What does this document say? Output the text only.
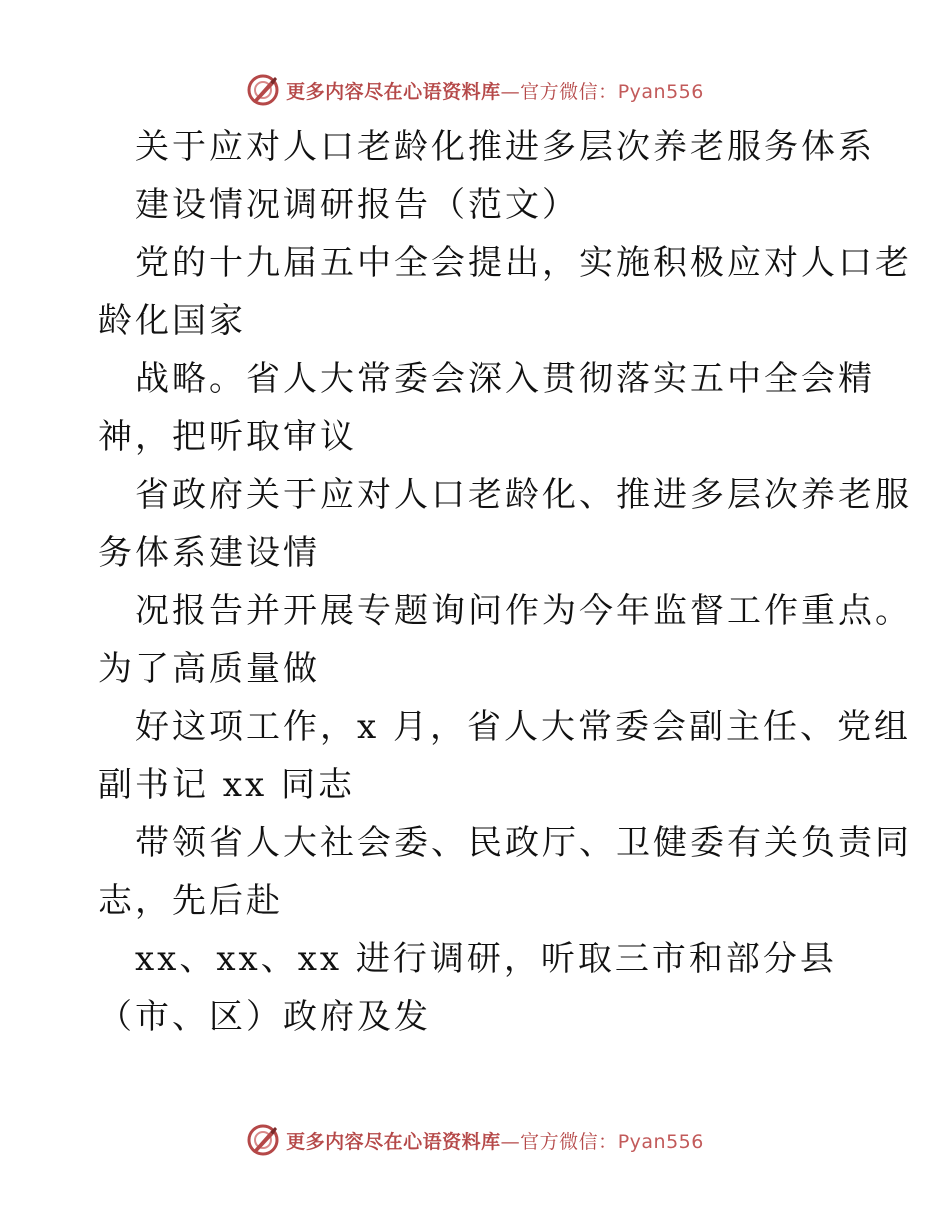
更多内容尽在心语资料库—官方微信：Pyan556
关于应对人口老龄化推进多层次养老服务体系
建设情况调研报告（范文）
党的十九届五中全会提出，实施积极应对人口老
龄化国家
战略。省人大常委会深入贯彻落实五中全会精
神，把听取审议
省政府关于应对人口老龄化、推进多层次养老服
务体系建设情
况报告并开展专题询问作为今年监督工作重点。
为了高质量做
好这项工作，x 月，省人大常委会副主任、党组
副书记 xx 同志
带领省人大社会委、民政厅、卫健委有关负责同
志，先后赴
xx、xx、xx 进行调研，听取三市和部分县
（市、区）政府及发
更多内容尽在心语资料库—官方微信：Pyan556
